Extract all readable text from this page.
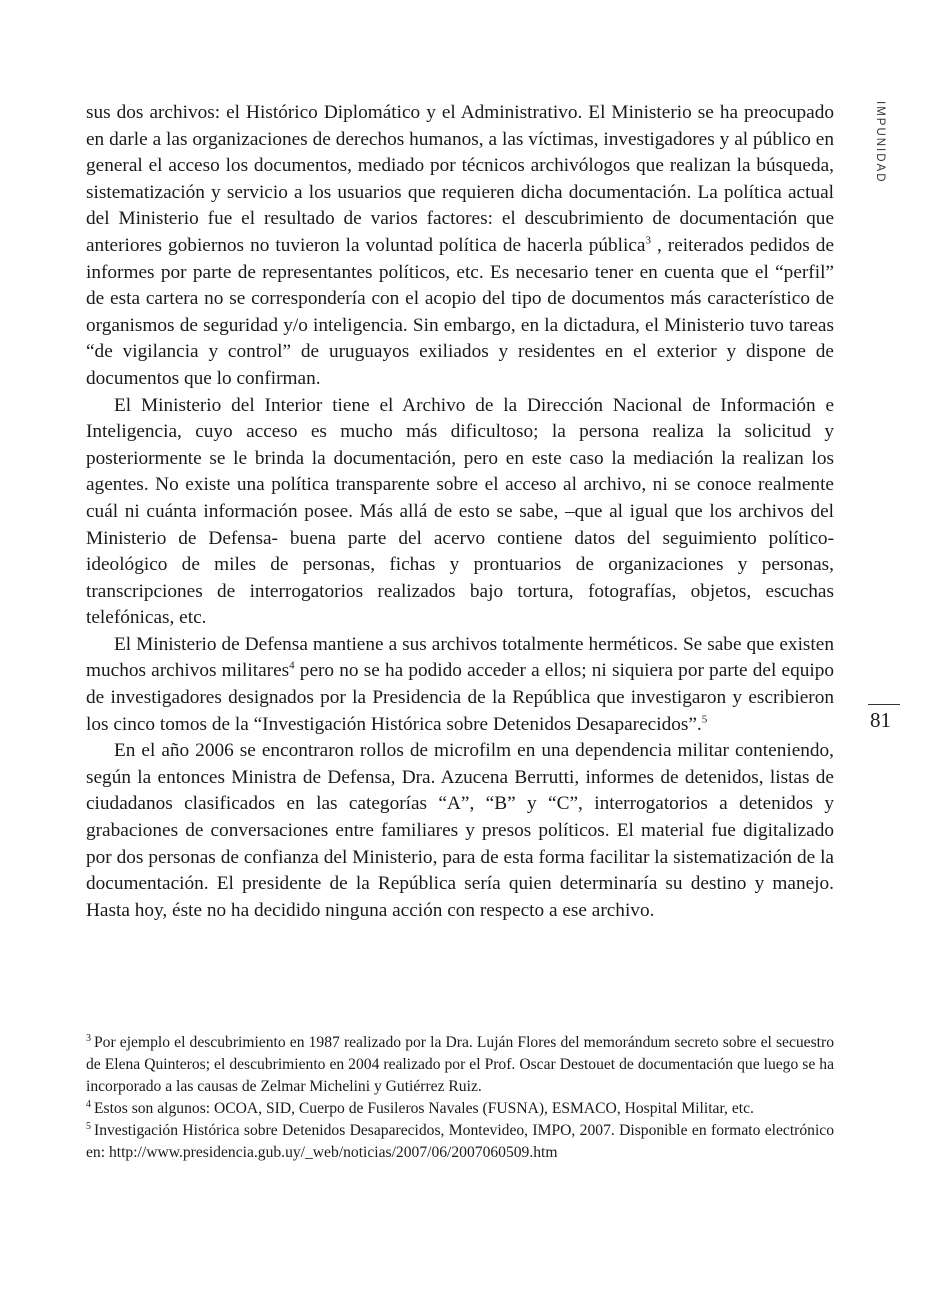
sus dos archivos: el Histórico Diplomático y el Administrativo. El Ministerio se ha preocupado en darle a las organizaciones de derechos humanos, a las víctimas, investigadores y al público en general el acceso los documentos, mediado por técnicos archivólogos que realizan la búsqueda, sistematización y servicio a los usuarios que requieren dicha documentación. La política actual del Ministerio fue el resultado de varios factores: el descubrimiento de documentación que anteriores gobiernos no tuvieron la voluntad política de hacerla pública$^3$ , reiterados pedidos de informes por parte de representantes políticos, etc. Es necesario tener en cuenta que el “perfil” de esta cartera no se correspondería con el acopio del tipo de documentos más característico de organismos de seguridad y/o inteligencia. Sin embargo, en la dictadura, el Ministerio tuvo tareas “de vigilancia y control” de uruguayos exiliados y residentes en el exterior y dispone de documentos que lo confirman.

El Ministerio del Interior tiene el Archivo de la Dirección Nacional de Información e Inteligencia, cuyo acceso es mucho más dificultoso; la persona realiza la solicitud y posteriormente se le brinda la documentación, pero en este caso la mediación la realizan los agentes. No existe una política transparente sobre el acceso al archivo, ni se conoce realmente cuál ni cuánta información posee. Más allá de esto se sabe, –que al igual que los archivos del Ministerio de Defensa- buena parte del acervo contiene datos del seguimiento político-ideológico de miles de personas, fichas y prontuarios de organizaciones y personas, transcripciones de interrogatorios realizados bajo tortura, fotografías, objetos, escuchas telefónicas, etc.

El Ministerio de Defensa mantiene a sus archivos totalmente herméticos. Se sabe que existen muchos archivos militares$^4$ pero no se ha podido acceder a ellos; ni siquiera por parte del equipo de investigadores designados por la Presidencia de la República que investigaron y escribieron los cinco tomos de la “Investigación Histórica sobre Detenidos Desaparecidos”.$^5$

En el año 2006 se encontraron rollos de microfilm en una dependencia militar conteniendo, según la entonces Ministra de Defensa, Dra. Azucena Berrutti, informes de detenidos, listas de ciudadanos clasificados en las categorías “A”, “B” y “C”, interrogatorios a detenidos y grabaciones de conversaciones entre familiares y presos políticos. El material fue digitalizado por dos personas de confianza del Ministerio, para de esta forma facilitar la sistematización de la documentación. El presidente de la República sería quien determinaría su destino y manejo. Hasta hoy, éste no ha decidido ninguna acción con respecto a ese archivo.

$^3$ Por ejemplo el descubrimiento en 1987 realizado por la Dra. Luján Flores del memorándum secreto sobre el secuestro de Elena Quinteros; el descubrimiento en 2004 realizado por el Prof. Oscar Destouet de documentación que luego se ha incorporado a las causas de Zelmar Michelini y Gutiérrez Ruiz.

$^4$ Estos son algunos: OCOA, SID, Cuerpo de Fusileros Navales (FUSNA), ESMACO, Hospital Militar, etc.

$^5$ Investigación Histórica sobre Detenidos Desaparecidos, Montevideo, IMPO, 2007. Disponible en formato electrónico en: http://www.presidencia.gub.uy/_web/noticias/2007/06/2007060509.htm

IMPUNIDAD
81
